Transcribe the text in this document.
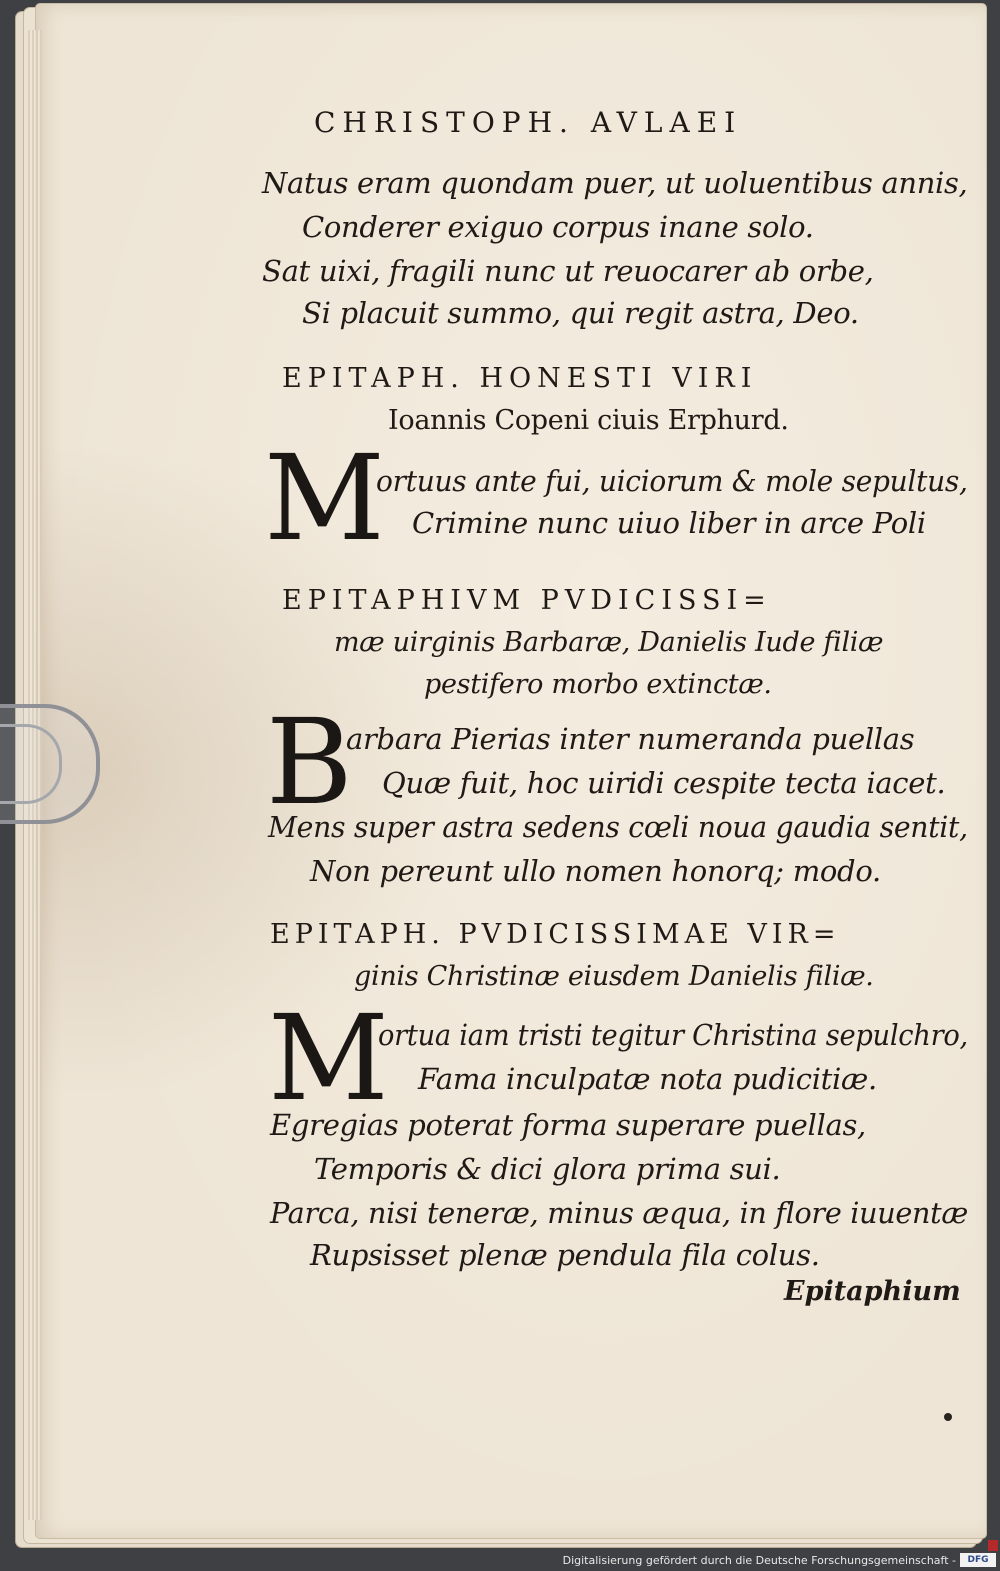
CHRISTOPH. AVLAEI
Natus eram quondam puer, ut uoluentibus annis,
Conderer exiguo corpus inane solo.
Sat uixi, fragili nunc ut reuocarer ab orbe,
Si placuit summo, qui regit astra, Deo.
EPITAPH. HONESTI VIRI
Ioannis Copeni ciuis Erphurd.
M
ortuus ante fui, uiciorum & mole sepultus,
Crimine nunc uiuo liber in arce Poli
EPITAPHIVM PVDICISSI=
mæ uirginis Barbaræ, Danielis Iude filiæ
pestifero morbo extinctæ.
B
arbara Pierias inter numeranda puellas
Quæ fuit, hoc uiridi cespite tecta iacet.
Mens super astra sedens cœli noua gaudia sentit,
Non pereunt ullo nomen honorq; modo.
EPITAPH. PVDICISSIMAE VIR=
ginis Christinæ eiusdem Danielis filiæ.
M
ortua iam tristi tegitur Christina sepulchro,
Fama inculpatæ nota pudicitiæ.
Egregias poterat forma superare puellas,
Temporis & dici glora prima sui.
Parca, nisi teneræ, minus æqua, in flore iuuentæ
Rupsisset plenæ pendula fila colus.
Epitaphium
Digitalisierung gefördert durch die Deutsche Forschungsgemeinschaft -	DFG
